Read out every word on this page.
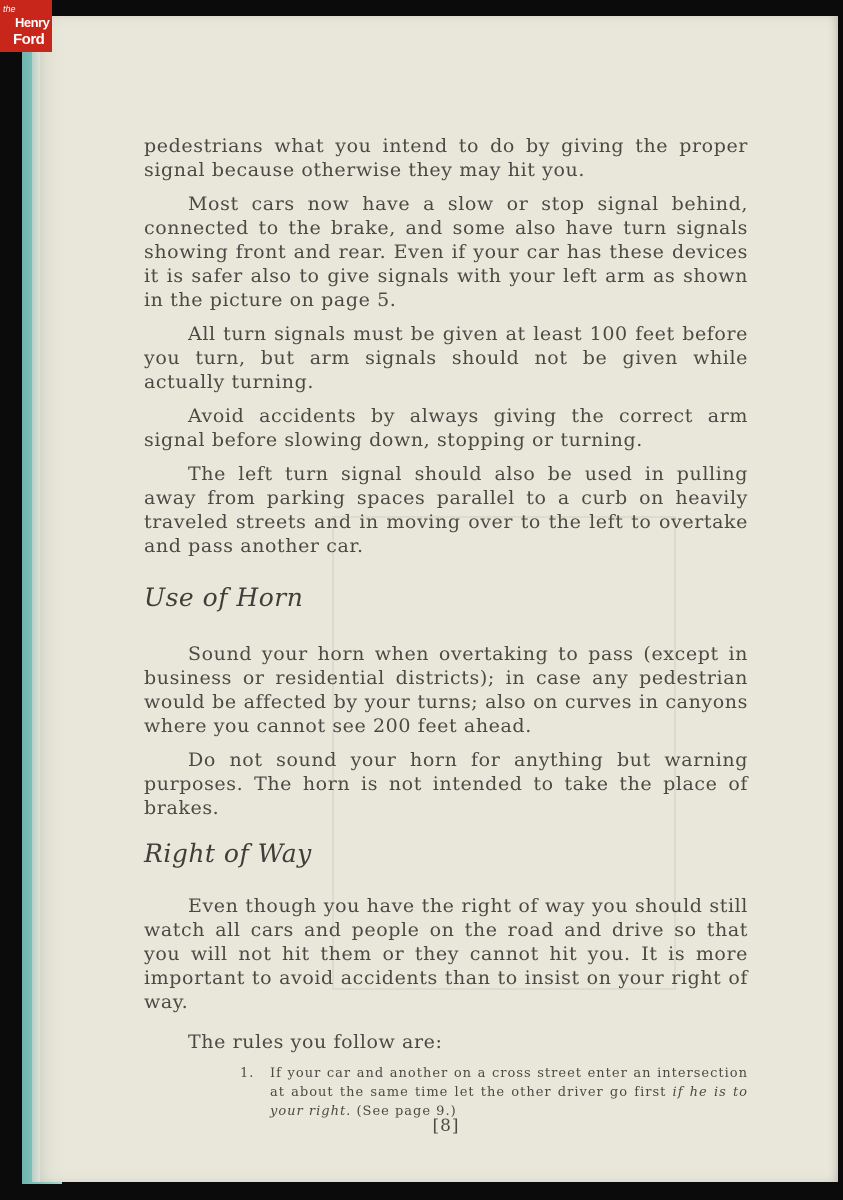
pedestrians what you intend to do by giving the proper signal because otherwise they may hit you.

Most cars now have a slow or stop signal behind, connected to the brake, and some also have turn signals showing front and rear. Even if your car has these devices it is safer also to give signals with your left arm as shown in the picture on page 5.

All turn signals must be given at least 100 feet before you turn, but arm signals should not be given while actually turning.

Avoid accidents by always giving the correct arm signal before slowing down, stopping or turning.

The left turn signal should also be used in pulling away from parking spaces parallel to a curb on heavily traveled streets and in moving over to the left to overtake and pass another car.

Use of Horn

Sound your horn when overtaking to pass (except in business or residential districts); in case any pedestrian would be affected by your turns; also on curves in canyons where you cannot see 200 feet ahead.

Do not sound your horn for anything but warning purposes. The horn is not intended to take the place of brakes.

Right of Way

Even though you have the right of way you should still watch all cars and people on the road and drive so that you will not hit them or they cannot hit you. It is more important to avoid accidents than to insist on your right of way.

The rules you follow are:
1.	If your car and another on a cross street enter an intersection at about the same time let the other driver go first if he is to your right. (See page 9.)
[8]
the
Henry
Ford
